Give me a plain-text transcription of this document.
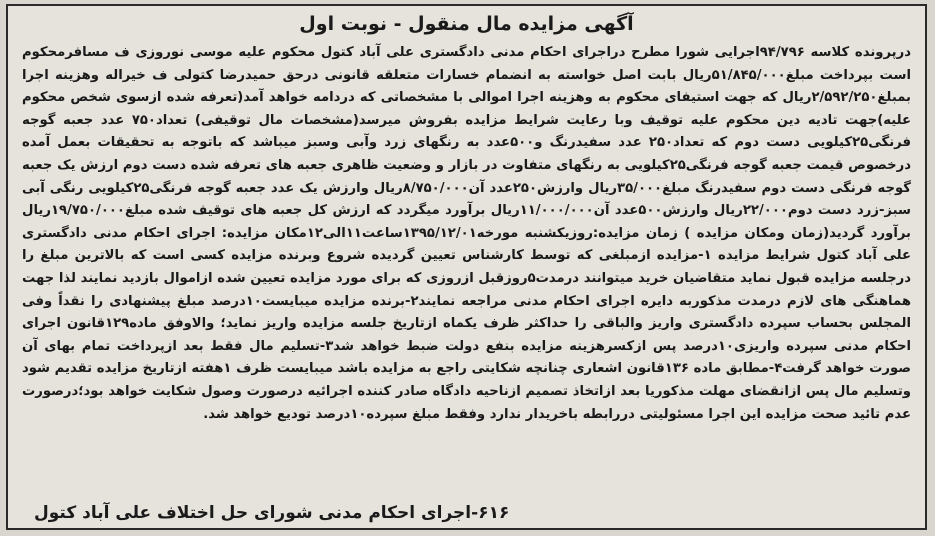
آگهی مزایده مال منقول - نوبت اول

درپرونده کلاسه ۹۴/۷۹۶اجرایی شورا مطرح دراجرای احکام مدنی دادگستری علی آباد کتول محکوم علیه موسی نوروزی ف مسافرمحکوم است بپرداخت مبلغ۵۱/۸۴۵/۰۰۰ریال بابت اصل خواسته به انضمام خسارات متعلقه قانونی درحق حمیدرضا کتولی ف خیراله وهزینه اجرا بمبلغ۲/۵۹۲/۲۵۰ریال که جهت استیفای محکوم به وهزینه اجرا اموالی با مشخصاتی که دردامه خواهد آمد(تعرفه شده ازسوی شخص محکوم علیه)جهت تادیه دین محکوم علیه توقیف وبا رعایت شرایط مزایده بفروش میرسد(مشخصات مال توقیفی) تعداد۷۵۰ عدد جعبه گوجه فرنگی۲۵کیلویی دست دوم که تعداد۲۵۰ عدد سفیدرنگ و۵۰۰عدد به رنگهای زرد وآبی وسبز میباشد که باتوجه به تحقیقات بعمل آمده درخصوص قیمت جعبه گوجه فرنگی۲۵کیلویی به رنگهای متفاوت در بازار و وضعیت ظاهری جعبه های تعرفه شده دست دوم ارزش یک جعبه گوجه فرنگی دست دوم سفیدرنگ مبلغ۳۵/۰۰۰ریال وارزش۲۵۰عدد آن۸/۷۵۰/۰۰۰ریال وارزش یک عدد جعبه گوجه فرنگی۲۵کیلویی رنگی آبی سبز-زرد دست دوم۲۲/۰۰۰ریال وارزش۵۰۰عدد آن۱۱/۰۰۰/۰۰۰ریال برآورد میگردد که ارزش کل جعبه های توقیف شده مبلغ۱۹/۷۵۰/۰۰۰ریال برآورد گردید(زمان ومکان مزایده ) زمان مزایده:روزیکشنبه مورخه۱۳۹۵/۱۲/۰۱ساعت۱۱الی۱۲مکان مزایده: اجرای احکام مدنی دادگستری علی آباد کتول شرایط مزایده ۱-مزایده ازمبلغی که توسط کارشناس تعیین گردیده شروع وبرنده مزایده کسی است که بالاترین مبلغ را درجلسه مزایده قبول نماید متقاضیان خرید میتوانند درمدت۵روزقبل ازروزی که برای مورد مزایده تعیین شده ازاموال بازدید نمایند لذا جهت هماهنگی های لازم درمدت مذکوربه دایره اجرای احکام مدنی مراجعه نمایند۲-برنده مزایده میبایست۱۰درصد مبلغ پیشنهادی را نقداً وفی المجلس بحساب سپرده دادگستری واریز والباقی را حداکثر ظرف یکماه ازتاریخ جلسه مزایده واریز نماید؛ والاوفق ماده۱۲۹قانون اجرای احکام مدنی سپرده واریزی۱۰درصد پس ازکسرهزینه مزایده بنفع دولت ضبط خواهد شد۳-تسلیم مال فقط بعد ازپرداخت تمام بهای آن صورت خواهد گرفت۴-مطابق ماده ۱۳۶قانون اشعاری چنانچه شکایتی راجع به مزایده باشد میبایست ظرف ۱هفته ازتاریخ مزایده تقدیم شود وتسلیم مال پس ازانقضای مهلت مذکوریا بعد ازاتخاذ تصمیم ازناحیه دادگاه صادر کننده اجرائیه درصورت وصول شکایت خواهد بود؛درصورت عدم تائید صحت مزایده این اجرا مسئولیتی دررابطه باخریدار ندارد وفقط مبلغ سپرده۱۰درصد تودیع خواهد شد.

۶۱۶-اجرای احکام مدنی شورای حل اختلاف علی آباد کتول
